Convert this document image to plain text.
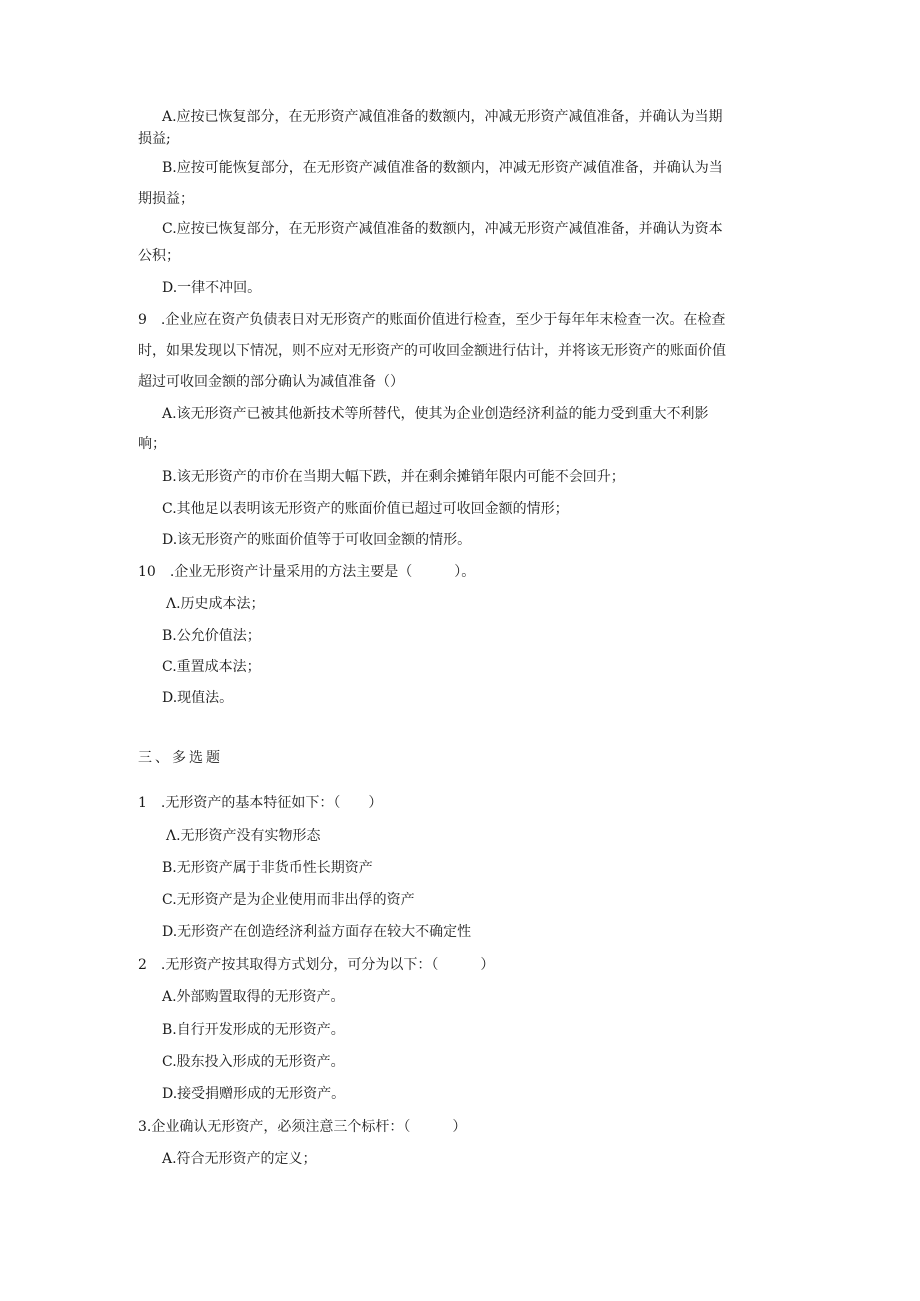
A.应按已恢复部分，在无形资产减值准备的数额内，冲减无形资产减值准备，并确认为当期
损益;
B.应按可能恢复部分，在无形资产减值准备的数额内，冲减无形资产减值准备，并确认为当
期损益；
C.应按已恢复部分，在无形资产减值准备的数额内，冲减无形资产减值准备，并确认为资本
公积；
D.一律不冲回。
9　.企业应在资产负债表日对无形资产的账面价值进行检查，至少于每年年末检查一次。在检查
时，如果发现以下情况，则不应对无形资产的可收回金额进行估计，并将该无形资产的账面价值
超过可收回金额的部分确认为减值准备（）
A.该无形资产已被其他新技术等所替代，使其为企业创造经济利益的能力受到重大不利影
响；
B.该无形资产的市价在当期大幅下跌，并在剩余摊销年限内可能不会回升；
C.其他足以表明该无形资产的账面价值已超过可收回金额的情形；
D.该无形资产的账面价值等于可收回金额的情形。
10　.企业无形资产计量采用的方法主要是（　　　）。
Λ.历史成本法；
B.公允价值法；
C.重置成本法；
D.现值法。
三、多选题
1　.无形资产的基本特征如下：（　　）
Λ.无形资产没有实物形态
B.无形资产属于非货币性长期资产
C.无形资产是为企业使用而非出俘的资产
D.无形资产在创造经济利益方面存在较大不确定性
2　.无形资产按其取得方式划分，可分为以下：（　　　）
A.外部购置取得的无形资产。
B.自行开发形成的无形资产。
C.股东投入形成的无形资产。
D.接受捐赠形成的无形资产。
3.企业确认无形资产，必须注意三个标杆：（　　　）
A.符合无形资产的定义；
